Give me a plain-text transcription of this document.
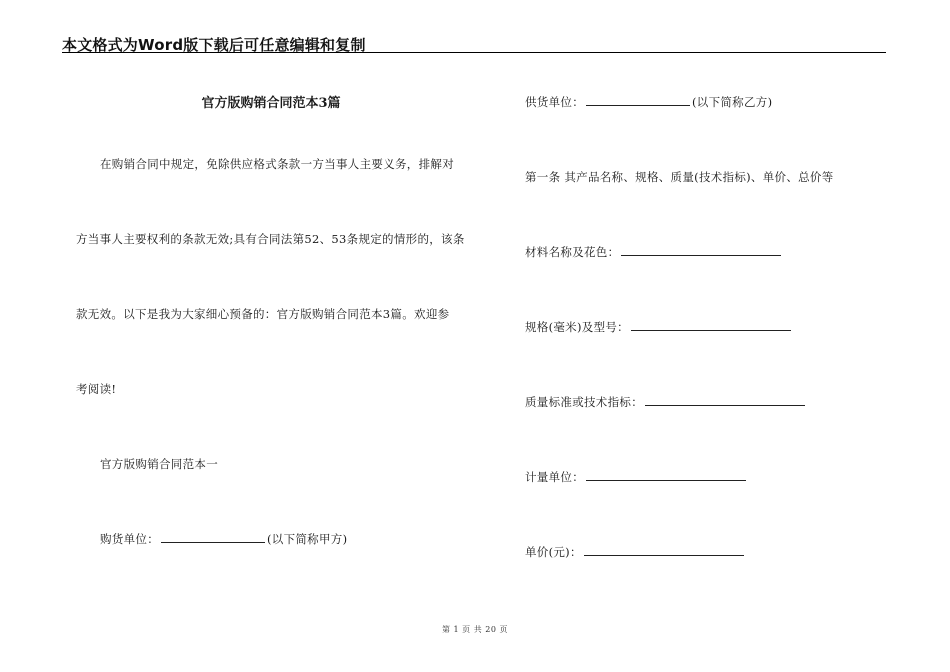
本文格式为Word版下载后可任意编辑和复制
官方版购销合同范本3篇
在购销合同中规定，免除供应格式条款一方当事人主要义务，排解对
方当事人主要权利的条款无效;具有合同法第52、53条规定的情形的，该条
款无效。以下是我为大家细心预备的：官方版购销合同范本3篇。欢迎参
考阅读!
官方版购销合同范本一
购货单位：	(以下简称甲方)
供货单位：	(以下简称乙方)
第一条 其产品名称、规格、质量(技术指标)、单价、总价等
材料名称及花色：
规格(毫米)及型号：
质量标准或技术指标：
计量单位：
单价(元)：
第 1 页 共 20 页
